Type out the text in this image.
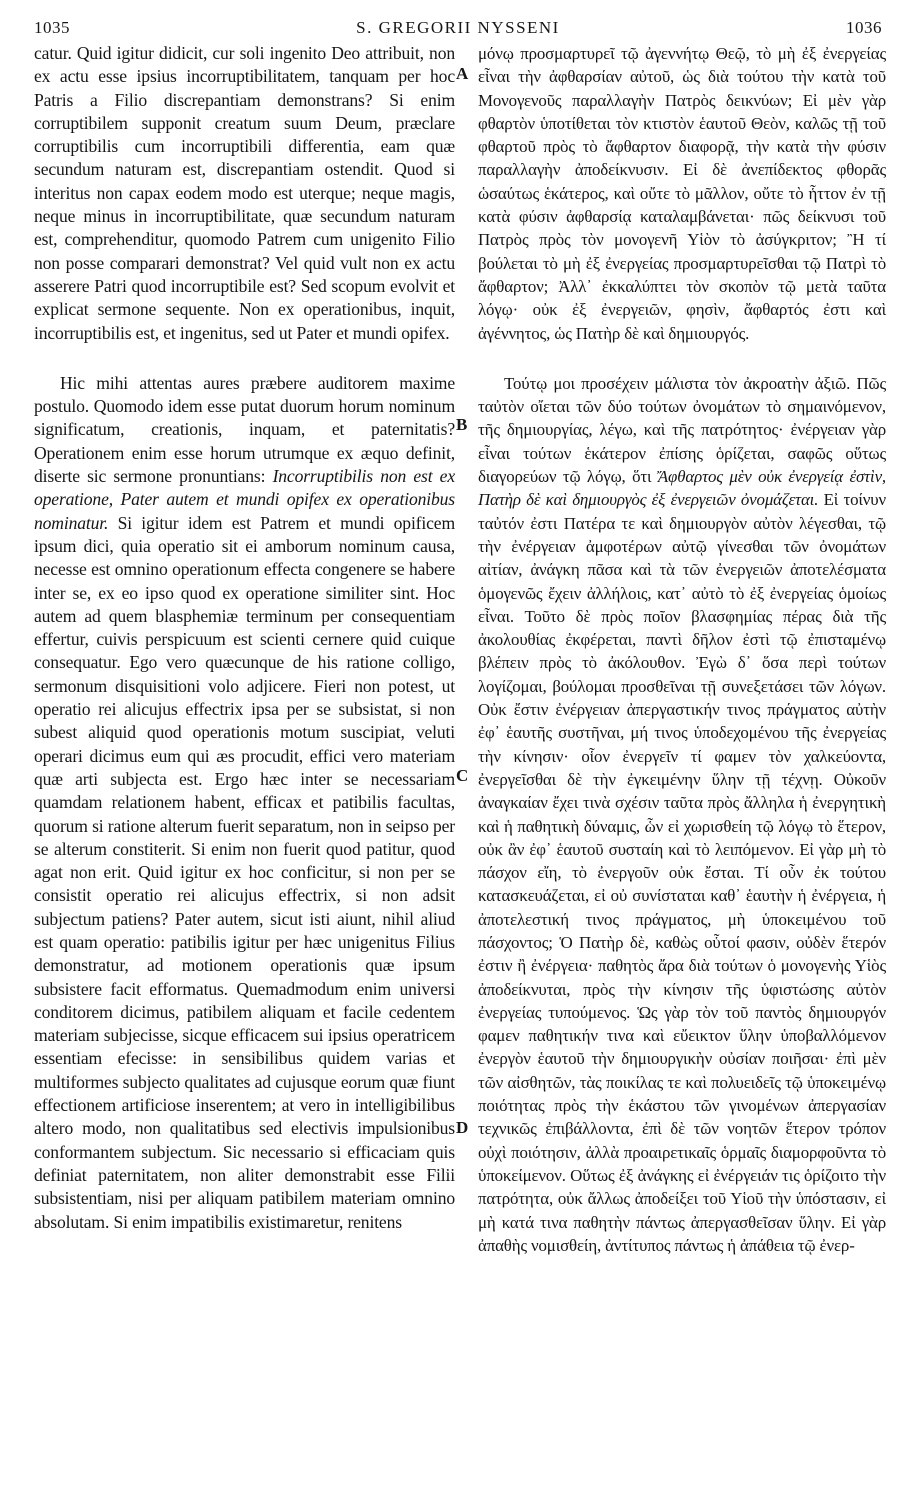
1035	S. GREGORII NYSSENI	1036

catur. Quid igitur didicit, cur soli ingenito Deo attribuit, non ex actu esse ipsius incorruptibilitatem, tanquam per hoc Patris a Filio discrepantiam demonstrans? Si enim corruptibilem supponit creatum suum Deum, præclare corruptibilis cum incorruptibili differentia, eam quæ secundum naturam est, discrepantiam ostendit. Quod si interitus non capax eodem modo est uterque; neque magis, neque minus in incorruptibilitate, quæ secundum naturam est, comprehenditur, quomodo Patrem cum unigenito Filio non posse comparari demonstrat? Vel quid vult non ex actu asserere Patri quod incorruptibile est? Sed scopum evolvit et explicat sermone sequente. Non ex operationibus, inquit, incorruptibilis est, et ingenitus, sed ut Pater et mundi opifex.

Hic mihi attentas aures præbere auditorem maxime postulo. Quomodo idem esse putat duorum horum nominum significatum, creationis, inquam, et paternitatis? Operationem enim esse horum utrumque ex æquo definit, diserte sic sermone pronuntians: Incorruptibilis non est ex operatione, Pater autem et mundi opifex ex operationibus nominatur. Si igitur idem est Patrem et mundi opificem ipsum dici, quia operatio sit ei amborum nominum causa, necesse est omnino operationum effecta congenere se habere inter se, ex eo ipso quod ex operatione similiter sint. Hoc autem ad quem blasphemiæ terminum per consequentiam effertur, cuivis perspicuum est scienti cernere quid cuique consequatur. Ego vero quæcunque de his ratione colligo, sermonum disquisitioni volo adjicere. Fieri non potest, ut operatio rei alicujus effectrix ipsa per se subsistat, si non subest aliquid quod operationis motum suscipiat, veluti operari dicimus eum qui æs procudit, effici vero materiam quæ arti subjecta est. Ergo hæc inter se necessariam quamdam relationem habent, efficax et patibilis facultas, quorum si ratione alterum fuerit separatum, non in seipso per se alterum constiterit. Si enim non fuerit quod patitur, quod agat non erit. Quid igitur ex hoc conficitur, si non per se consistit operatio rei alicujus effectrix, si non adsit subjectum patiens? Pater autem, sicut isti aiunt, nihil aliud est quam operatio: patibilis igitur per hæc unigenitus Filius demonstratur, ad motionem operationis quæ ipsum subsistere facit efformatus. Quemadmodum enim universi conditorem dicimus, patibilem aliquam et facile cedentem materiam subjecisse, sicque efficacem sui ipsius operatricem essentiam efecisse: in sensibilibus quidem varias et multiformes subjecto qualitates ad cujusque eorum quæ fiunt effectionem artificiose inserentem; at vero in intelligibilibus altero modo, non qualitatibus sed electivis impulsionibus conformantem subjectum. Sic necessario si efficaciam quis definiat paternitatem, non aliter demonstrabit esse Filii subsistentiam, nisi per aliquam patibilem materiam omnino absolutam. Si enim impatibilis existimaretur, renitens

A
B
C
D

μόνῳ προσμαρτυρεῖ τῷ ἀγεννήτῳ Θεῷ, τὸ μὴ ἐξ ἐνεργείας εἶναι τὴν ἀφθαρσίαν αὐτοῦ, ὡς διὰ τούτου τὴν κατὰ τοῦ Μονογενοῦς παραλλαγὴν Πατρὸς δεικνύων; Εἰ μὲν γὰρ φθαρτὸν ὑποτίθεται τὸν κτιστὸν ἑαυτοῦ Θεὸν, καλῶς τῇ τοῦ φθαρτοῦ πρὸς τὸ ἄφθαρτον διαφορᾷ, τὴν κατὰ τὴν φύσιν παραλλαγὴν ἀποδείκνυσιν. Εἰ δὲ ἀνεπίδεκτος φθορᾶς ὡσαύτως ἑκάτερος, καὶ οὔτε τὸ μᾶλλον, οὔτε τὸ ἧττον ἐν τῇ κατὰ φύσιν ἀφθαρσίᾳ καταλαμβάνεται· πῶς δείκνυσι τοῦ Πατρὸς πρὸς τὸν μονογενῆ Υἱὸν τὸ ἀσύγκριτον; Ἢ τί βούλεται τὸ μὴ ἐξ ἐνεργείας προσμαρτυρεῖσθαι τῷ Πατρὶ τὸ ἄφθαρτον; Ἀλλ᾽ ἐκκαλύπτει τὸν σκοπὸν τῷ μετὰ ταῦτα λόγῳ· οὐκ ἐξ ἐνεργειῶν, φησὶν, ἄφθαρτός ἐστι καὶ ἀγέννητος, ὡς Πατὴρ δὲ καὶ δημιουργός.

Τούτῳ μοι προσέχειν μάλιστα τὸν ἀκροατὴν ἀξιῶ. Πῶς ταὐτὸν οἴεται τῶν δύο τούτων ὀνομάτων τὸ σημαινόμενον, τῆς δημιουργίας, λέγω, καὶ τῆς πατρότητος· ἐνέργειαν γὰρ εἶναι τούτων ἑκάτερον ἐπίσης ὁρίζεται, σαφῶς οὕτως διαγορεύων τῷ λόγῳ, ὅτι Ἄφθαρτος μὲν οὐκ ἐνεργείᾳ ἐστὶν, Πατὴρ δὲ καὶ δημιουργὸς ἐξ ἐνεργειῶν ὀνομάζεται. Εἰ τοίνυν ταὐτόν ἐστι Πατέρα τε καὶ δημιουργὸν αὐτὸν λέγεσθαι, τῷ τὴν ἐνέργειαν ἀμφοτέρων αὐτῷ γίνεσθαι τῶν ὀνομάτων αἰτίαν, ἀνάγκη πᾶσα καὶ τὰ τῶν ἐνεργειῶν ἀποτελέσματα ὁμογενῶς ἔχειν ἀλλήλοις, κατ᾽ αὐτὸ τὸ ἐξ ἐνεργείας ὁμοίως εἶναι. Τοῦτο δὲ πρὸς ποῖον βλασφημίας πέρας διὰ τῆς ἀκολουθίας ἐκφέρεται, παντὶ δῆλον ἐστὶ τῷ ἐπισταμένῳ βλέπειν πρὸς τὸ ἀκόλουθον. Ἐγὼ δ᾽ ὅσα περὶ τούτων λογίζομαι, βούλομαι προσθεῖναι τῇ συνεξετάσει τῶν λόγων. Οὐκ ἔστιν ἐνέργειαν ἀπεργαστικήν τινος πράγματος αὐτὴν ἐφ᾽ ἑαυτῆς συστῆναι, μή τινος ὑποδεχομένου τῆς ἐνεργείας τὴν κίνησιν· οἷον ἐνεργεῖν τί φαμεν τὸν χαλκεύοντα, ἐνεργεῖσθαι δὲ τὴν ἐγκειμένην ὕλην τῇ τέχνῃ. Οὐκοῦν ἀναγκαίαν ἔχει τινὰ σχέσιν ταῦτα πρὸς ἄλληλα ἡ ἐνεργητικὴ καὶ ἡ παθητικὴ δύναμις, ὧν εἰ χωρισθείη τῷ λόγῳ τὸ ἕτερον, οὐκ ἂν ἐφ᾽ ἑαυτοῦ συσταίη καὶ τὸ λειπόμενον. Εἰ γὰρ μὴ τὸ πάσχον εἴη, τὸ ἐνεργοῦν οὐκ ἔσται. Τί οὖν ἐκ τούτου κατασκευάζεται, εἰ οὐ συνίσταται καθ᾽ ἑαυτὴν ἡ ἐνέργεια, ἡ ἀποτελεστική τινος πράγματος, μὴ ὑποκειμένου τοῦ πάσχοντος; Ὁ Πατὴρ δὲ, καθὼς οὗτοί φασιν, οὐδὲν ἕτερόν ἐστιν ἢ ἐνέργεια· παθητὸς ἄρα διὰ τούτων ὁ μονογενὴς Υἱὸς ἀποδείκνυται, πρὸς τὴν κίνησιν τῆς ὑφιστώσης αὐτὸν ἐνεργείας τυπούμενος. Ὡς γὰρ τὸν τοῦ παντὸς δημιουργόν φαμεν παθητικήν τινα καὶ εὔεικτον ὕλην ὑποβαλλόμενον ἐνεργὸν ἑαυτοῦ τὴν δημιουργικὴν οὐσίαν ποιῆσαι· ἐπὶ μὲν τῶν αἰσθητῶν, τὰς ποικίλας τε καὶ πολυειδεῖς τῷ ὑποκειμένῳ ποιότητας πρὸς τὴν ἑκάστου τῶν γινομένων ἀπεργασίαν τεχνικῶς ἐπιβάλλοντα, ἐπὶ δὲ τῶν νοητῶν ἕτερον τρόπον οὐχὶ ποιότησιν, ἀλλὰ προαιρετικαῖς ὁρμαῖς διαμορφοῦντα τὸ ὑποκείμενον. Οὕτως ἐξ ἀνάγκης εἰ ἐνέργειάν τις ὁρίζοιτο τὴν πατρότητα, οὐκ ἄλλως ἀποδείξει τοῦ Υἱοῦ τὴν ὑπόστασιν, εἰ μὴ κατά τινα παθητὴν πάντως ἀπεργασθεῖσαν ὕλην. Εἰ γὰρ ἀπαθὴς νομισθείη, ἀντίτυπος πάντως ἡ ἀπάθεια τῷ ἐνερ-
